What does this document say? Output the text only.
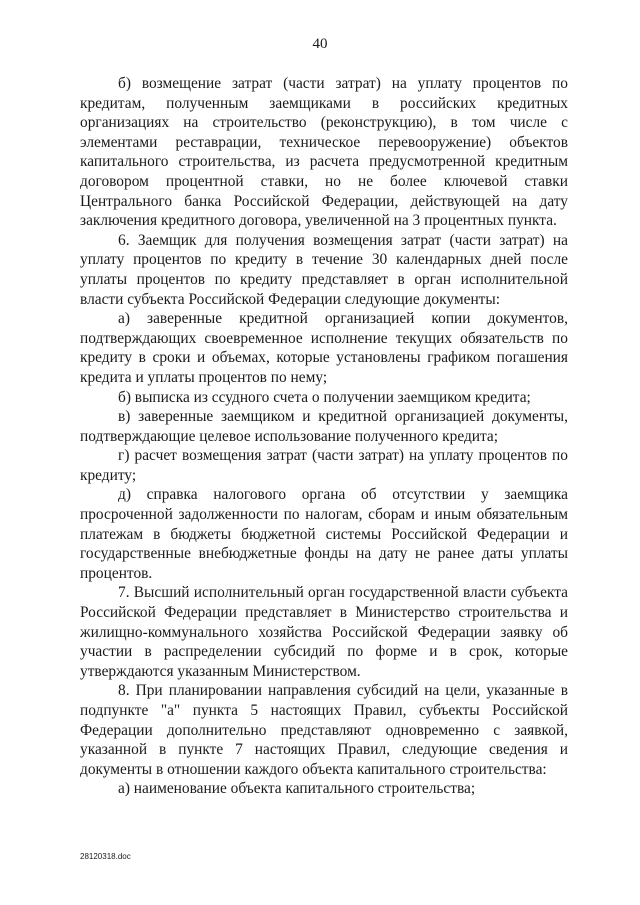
40

б) возмещение затрат (части затрат) на уплату процентов по кредитам, полученным заемщиками в российских кредитных организациях на строительство (реконструкцию), в том числе с элементами реставрации, техническое перевооружение) объектов капитального строительства, из расчета предусмотренной кредитным договором процентной ставки, но не более ключевой ставки Центрального банка Российской Федерации, действующей на дату заключения кредитного договора, увеличенной на 3 процентных пункта.

6. Заемщик для получения возмещения затрат (части затрат) на уплату процентов по кредиту в течение 30 календарных дней после уплаты процентов по кредиту представляет в орган исполнительной власти субъекта Российской Федерации следующие документы:

а) заверенные кредитной организацией копии документов, подтверждающих своевременное исполнение текущих обязательств по кредиту в сроки и объемах, которые установлены графиком погашения кредита и уплаты процентов по нему;

б) выписка из ссудного счета о получении заемщиком кредита;

в) заверенные заемщиком и кредитной организацией документы, подтверждающие целевое использование полученного кредита;

г) расчет возмещения затрат (части затрат) на уплату процентов по кредиту;

д) справка налогового органа об отсутствии у заемщика просроченной задолженности по налогам, сборам и иным обязательным платежам в бюджеты бюджетной системы Российской Федерации и государственные внебюджетные фонды на дату не ранее даты уплаты процентов.

7. Высший исполнительный орган государственной власти субъекта Российской Федерации представляет в Министерство строительства и жилищно-коммунального хозяйства Российской Федерации заявку об участии в распределении субсидий по форме и в срок, которые утверждаются указанным Министерством.

8. При планировании направления субсидий на цели, указанные в подпункте "а" пункта 5 настоящих Правил, субъекты Российской Федерации дополнительно представляют одновременно с заявкой, указанной в пункте 7 настоящих Правил, следующие сведения и документы в отношении каждого объекта капитального строительства:

а) наименование объекта капитального строительства;

28120318.doc
